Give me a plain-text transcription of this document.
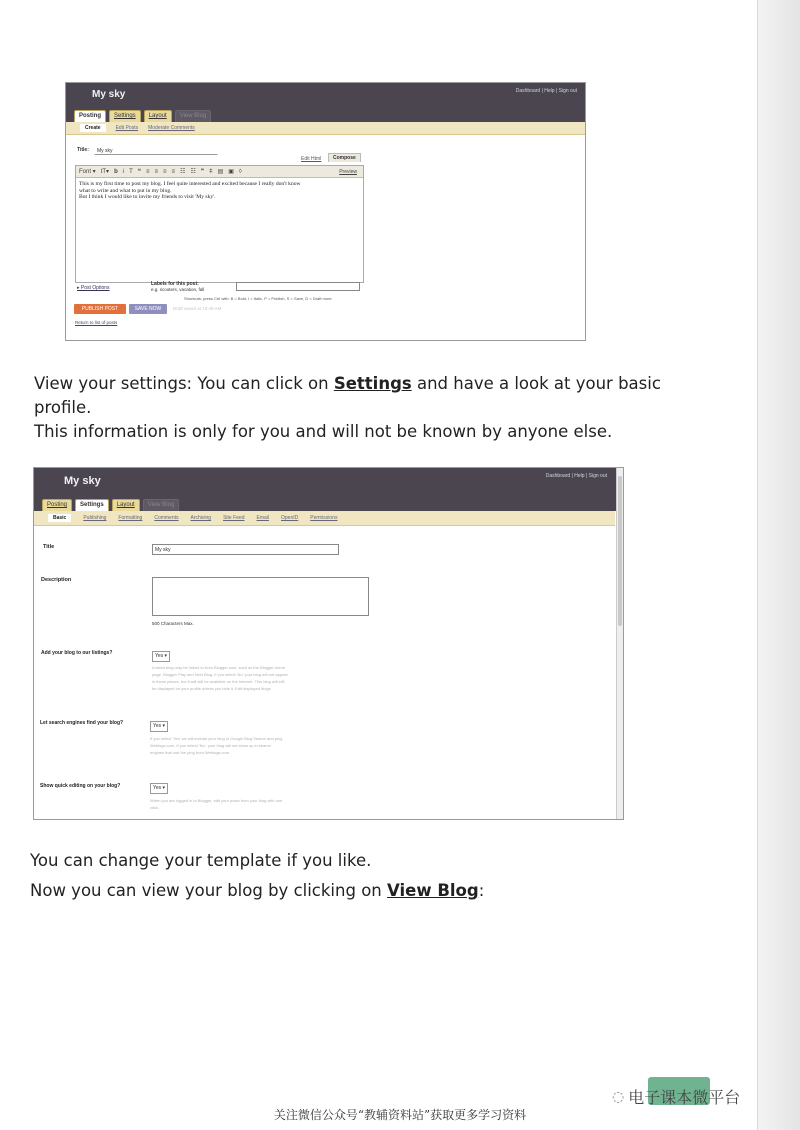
My sky	Dashboard | Help | Sign out
Posting	Settings	Layout	View Blog
Create	Edit Posts Moderate Comments
Title:	My sky
Edit Html	Compose
Font ▾ tT▾ b i T ❝ ≡ ≡ ≡ ≡ ☷ ☷ ❞ ǂ ▤ ▣ ◊	Preview
This is my first time to post my blog. I feel quite interested and excited because I really don't know
what to write and what to put in my blog.
But I think I would like to invite my friends to visit 'My sky'.
▸ Post Options
Labels for this post:
e.g. scooters, vacation, fall
Shortcuts: press Ctrl with: B = Bold, I = Italic, P = Publish, S = Save, D = Draft more
PUBLISH POST	SAVE NOW	Draft saved at 10:49 AM
Return to list of posts
View your settings: You can click on Settings and have a look at your basic profile.
This information is only for you and will not be known by anyone else.
My sky	Dashboard | Help | Sign out
Posting	Settings	Layout	View Blog
Basic	Publishing Formatting Comments Archiving Site Feed Email OpenID Permissions
Title	My sky
Description
500 Characters Max.
Add your blog to our listings?	Yes ▾
A listed blog may be linked to from Blogger.com, such as the Blogger home
page, Blogger Play and Next Blog. If you select 'No' your blog will not appear
in these places, but it will still be available on the Internet. This blog will still
be displayed on your profile unless you hide it. Edit displayed blogs
Let search engines find your blog?	Yes ▾
If you select 'Yes' we will include your blog in Google Blog Search and ping
Weblogs.com. If you select 'No', your blog will not show up in search
engines that use the ping from Weblogs.com.
Show quick editing on your blog?	Yes ▾
When you are logged in to Blogger, edit your posts from your blog with one
click.
You can change your template if you like.
Now you can view your blog by clicking on View Blog:
◌ 电子课本微平台
关注微信公众号“教辅资料站”获取更多学习资料
